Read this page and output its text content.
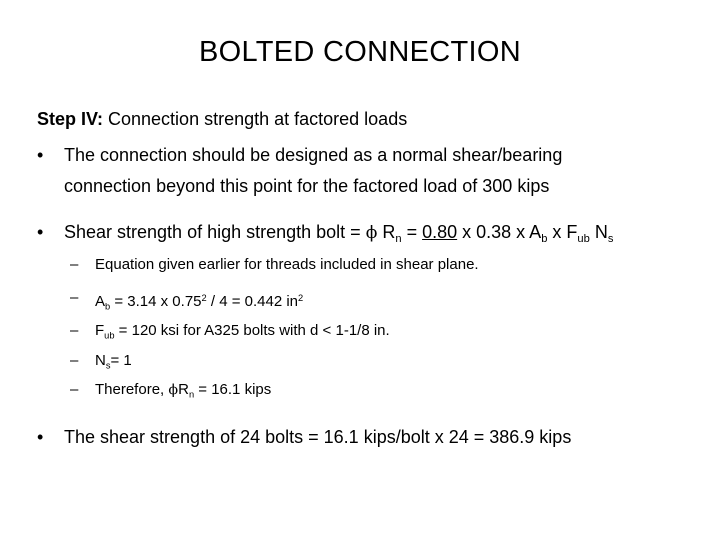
BOLTED CONNECTION
Step IV: Connection strength at factored loads
• The connection should be designed as a normal shear/bearing
connection beyond this point for the factored load of 300 kips
• Shear strength of high strength bolt = ϕ $R_n = 0.80$ x 0.38 x $A_b$ x $F_{ub}$ $N_s$
– Equation given earlier for threads included in shear plane.
– $A_b = 3.14$ x 0.75$^2$ / 4 = 0.442 $in^2$
– $F_{ub} = 120$ ksi for A325 bolts with d < 1-1/8 in.
– $N_s= 1$
– Therefore, $\phi R_n = 16.1$ kips
• The shear strength of 24 bolts = 16.1 kips/bolt x 24 = 386.9 kips
